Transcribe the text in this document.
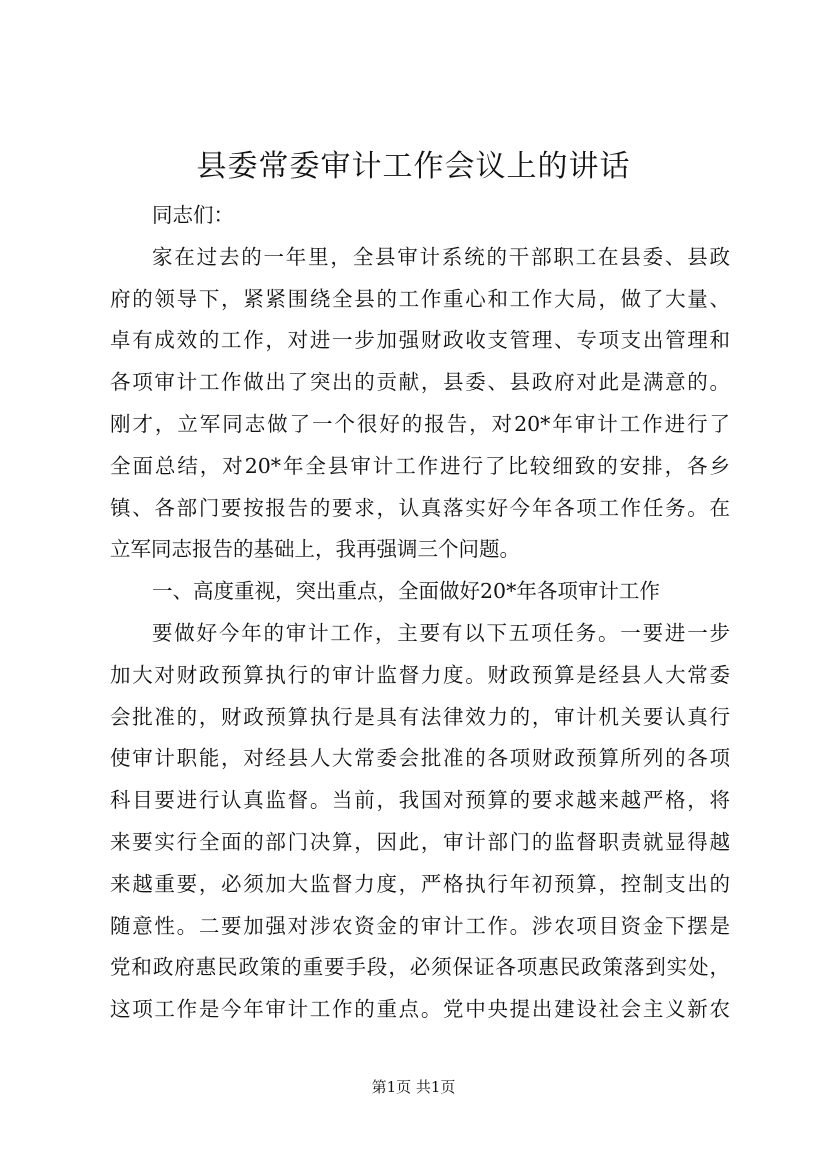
县委常委审计工作会议上的讲话
同志们：
家在过去的一年里，全县审计系统的干部职工在县委、县政
府的领导下，紧紧围绕全县的工作重心和工作大局，做了大量、
卓有成效的工作，对进一步加强财政收支管理、专项支出管理和
各项审计工作做出了突出的贡献，县委、县政府对此是满意的。
刚才，立军同志做了一个很好的报告，对20*年审计工作进行了
全面总结，对20*年全县审计工作进行了比较细致的安排，各乡
镇、各部门要按报告的要求，认真落实好今年各项工作任务。在
立军同志报告的基础上，我再强调三个问题。
一、高度重视，突出重点，全面做好20*年各项审计工作
要做好今年的审计工作，主要有以下五项任务。一要进一步
加大对财政预算执行的审计监督力度。财政预算是经县人大常委
会批准的，财政预算执行是具有法律效力的，审计机关要认真行
使审计职能，对经县人大常委会批准的各项财政预算所列的各项
科目要进行认真监督。当前，我国对预算的要求越来越严格，将
来要实行全面的部门决算，因此，审计部门的监督职责就显得越
来越重要，必须加大监督力度，严格执行年初预算，控制支出的
随意性。二要加强对涉农资金的审计工作。涉农项目资金下摆是
党和政府惠民政策的重要手段，必须保证各项惠民政策落到实处，
这项工作是今年审计工作的重点。党中央提出建设社会主义新农
第1页 共1页
